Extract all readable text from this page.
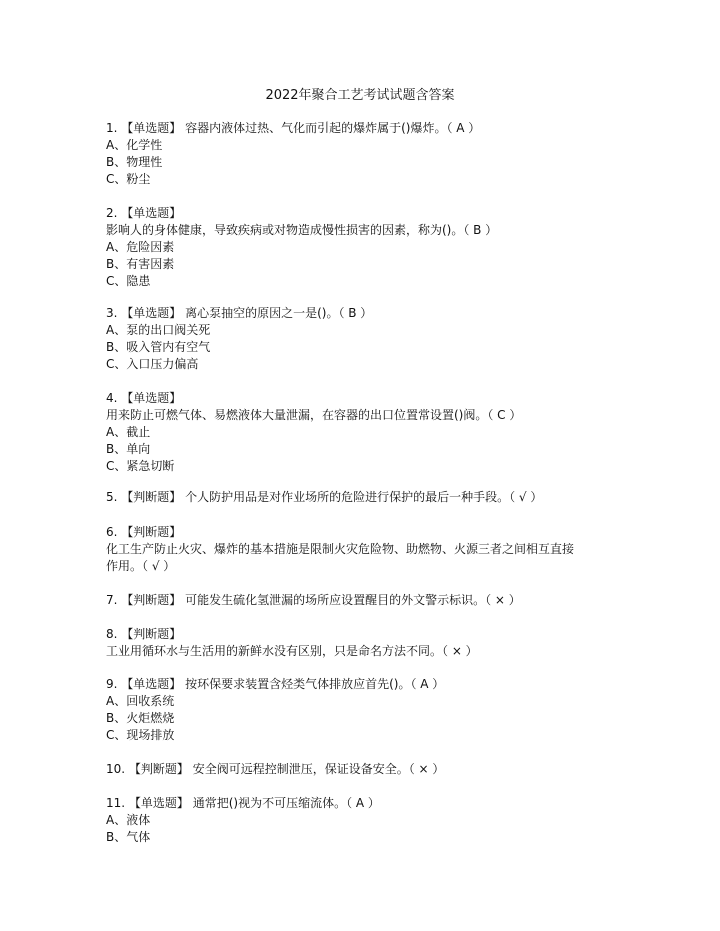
2022年聚合工艺考试试题含答案
1. 【单选题】 容器内液体过热、气化而引起的爆炸属于()爆炸。（ A ）
A、化学性
B、物理性
C、粉尘
2. 【单选题】
影响人的身体健康，导致疾病或对物造成慢性损害的因素，称为()。（ B ）
A、危险因素
B、有害因素
C、隐患
3. 【单选题】 离心泵抽空的原因之一是()。（ B ）
A、泵的出口阀关死
B、吸入管内有空气
C、入口压力偏高
4. 【单选题】
用来防止可燃气体、易燃液体大量泄漏，在容器的出口位置常设置()阀。（ C ）
A、截止
B、单向
C、紧急切断
5. 【判断题】 个人防护用品是对作业场所的危险进行保护的最后一种手段。（ √ ）
6. 【判断题】
化工生产防止火灾、爆炸的基本措施是限制火灾危险物、助燃物、火源三者之间相互直接
作用。（ √ ）
7. 【判断题】 可能发生硫化氢泄漏的场所应设置醒目的外文警示标识。（ × ）
8. 【判断题】
工业用循环水与生活用的新鲜水没有区别，只是命名方法不同。（ × ）
9. 【单选题】 按环保要求装置含烃类气体排放应首先()。（ A ）
A、回收系统
B、火炬燃烧
C、现场排放
10. 【判断题】 安全阀可远程控制泄压，保证设备安全。（ × ）
11. 【单选题】 通常把()视为不可压缩流体。（ A ）
A、液体
B、气体
